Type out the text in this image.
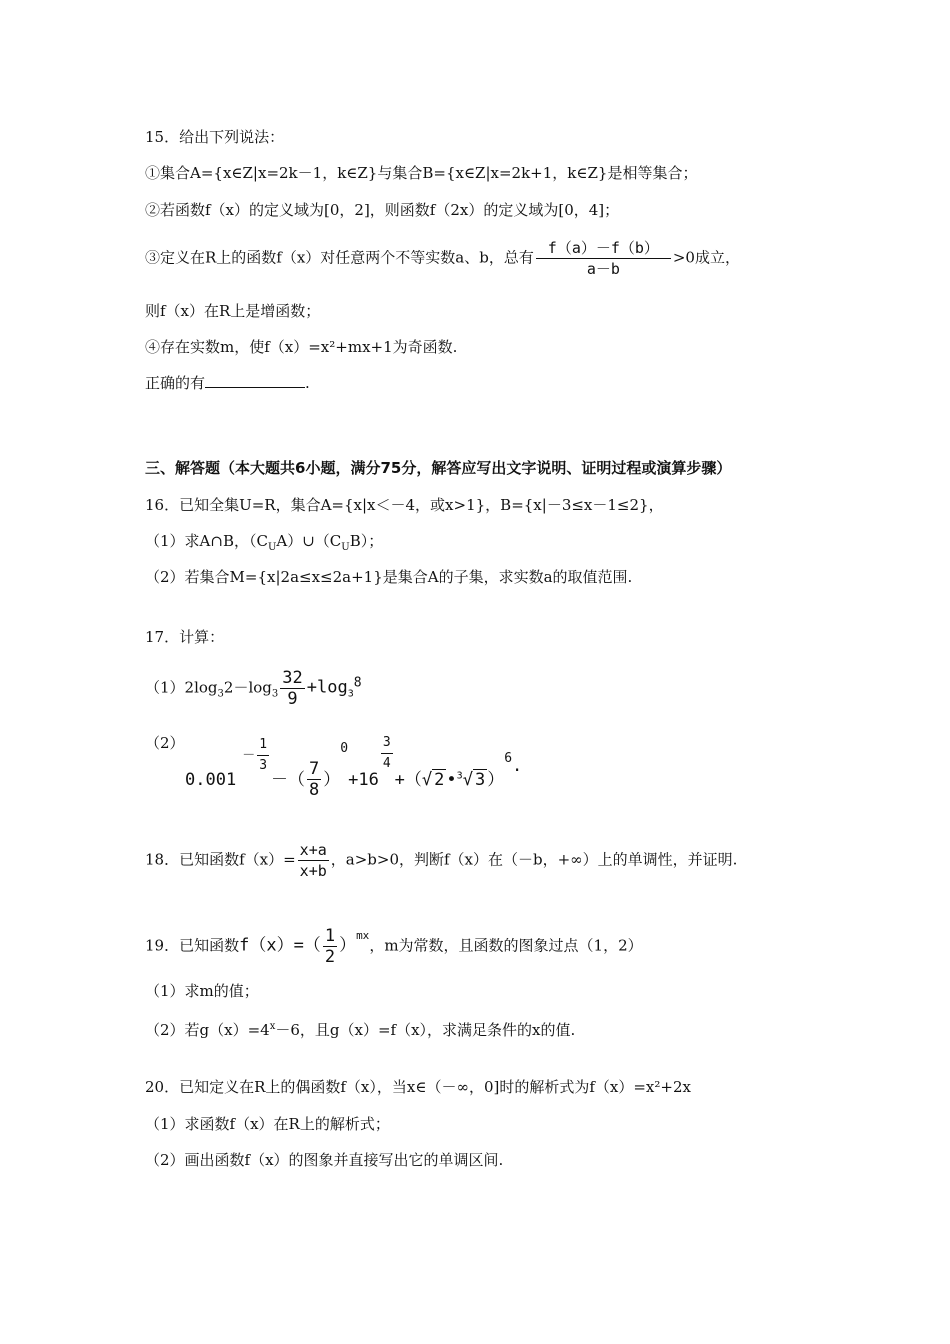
15．给出下列说法：
①集合A={x∈Z|x=2k－1，k∈Z}与集合B={x∈Z|x=2k+1，k∈Z}是相等集合；
②若函数f（x）的定义域为[0，2]，则函数f（2x）的定义域为[0，4]；
③定义在R上的函数f（x）对任意两个不等实数a、b，总有 $\frac{f(a)-f(b)}{a-b} >0$成立，
则f（x）在R上是增函数；
④存在实数m，使f（x）=x²+mx+1为奇函数.
正确的有	.
三、解答题（本大题共6小题，满分75分，解答应写出文字说明、证明过程或演算步骤）
16．已知全集U=R，集合A={x|x＜－4，或x>1}，B={x|－3≤x－1≤2}，
（1）求A∩B，$(C_UA)\cup(C_UB)$；
（2）若集合M={x|2a≤x≤2a+1}是集合A的子集，求实数a的取值范围.
17．计算：
$(1)2\log_32-\log_3 \frac{32}{9} +\log_3^8$
（2）
$0.001- \frac{1}{3}$
－（ $\frac{7}{8} )^0+16$
$\frac{3}{4}$
+（√ 2 •$^3$√ 3 ）$^6$.
18．已知函数$f(x)= \frac{x+a}{x+b}$ ，a>b>0，判断f（x）在（－b，+∞）上的单调性，并证明.
19．已知函数$f(x)=( \frac{1}{2} )^{mx}$，m为常数，且函数的图象过点（1，2）
（1）求m的值；
（2）若$g(x)=4^x-6$，且g（x）=f（x），求满足条件的x的值.
20．已知定义在R上的偶函数f（x），当x∈（－∞，0]时的解析式为f（x）=x²+2x
（1）求函数f（x）在R上的解析式；
（2）画出函数f（x）的图象并直接写出它的单调区间.
